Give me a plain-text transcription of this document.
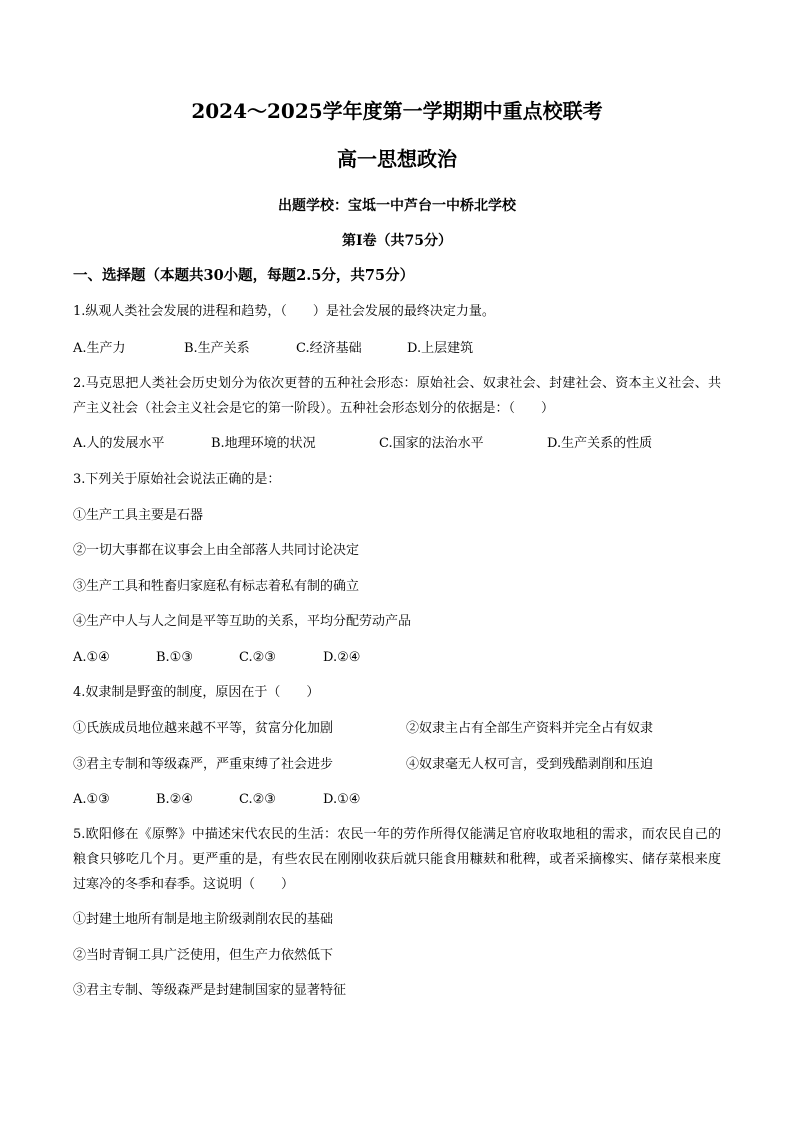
2024～2025学年度第一学期期中重点校联考
高一思想政治
出题学校：宝坻一中芦台一中桥北学校
第Ⅰ卷（共75分）
一、选择题（本题共30小题，每题2.5分，共75分）
1.纵观人类社会发展的进程和趋势，（　　）是社会发展的最终决定力量。
A.生产力	B.生产关系	C.经济基础	D.上层建筑
2.马克思把人类社会历史划分为依次更替的五种社会形态：原始社会、奴隶社会、封建社会、资本主义社会、共产主义社会（社会主义社会是它的第一阶段）。五种社会形态划分的依据是：（　　）
A.人的发展水平	B.地理环境的状况	C.国家的法治水平	D.生产关系的性质
3.下列关于原始社会说法正确的是：
①生产工具主要是石器
②一切大事都在议事会上由全部落人共同讨论决定
③生产工具和牲畜归家庭私有标志着私有制的确立
④生产中人与人之间是平等互助的关系，平均分配劳动产品
A.①④	B.①③	C.②③	D.②④
4.奴隶制是野蛮的制度，原因在于（　　）
①氏族成员地位越来越不平等，贫富分化加剧	②奴隶主占有全部生产资料并完全占有奴隶
③君主专制和等级森严，严重束缚了社会进步	④奴隶毫无人权可言，受到残酷剥削和压迫
A.①③	B.②④	C.②③	D.①④
5.欧阳修在《原弊》中描述宋代农民的生活：农民一年的劳作所得仅能满足官府收取地租的需求，而农民自己的粮食只够吃几个月。更严重的是，有些农民在刚刚收获后就只能食用糠麸和秕稗，或者采摘橡实、储存菜根来度过寒冷的冬季和春季。这说明（　　）
①封建土地所有制是地主阶级剥削农民的基础
②当时青铜工具广泛使用，但生产力依然低下
③君主专制、等级森严是封建制国家的显著特征
